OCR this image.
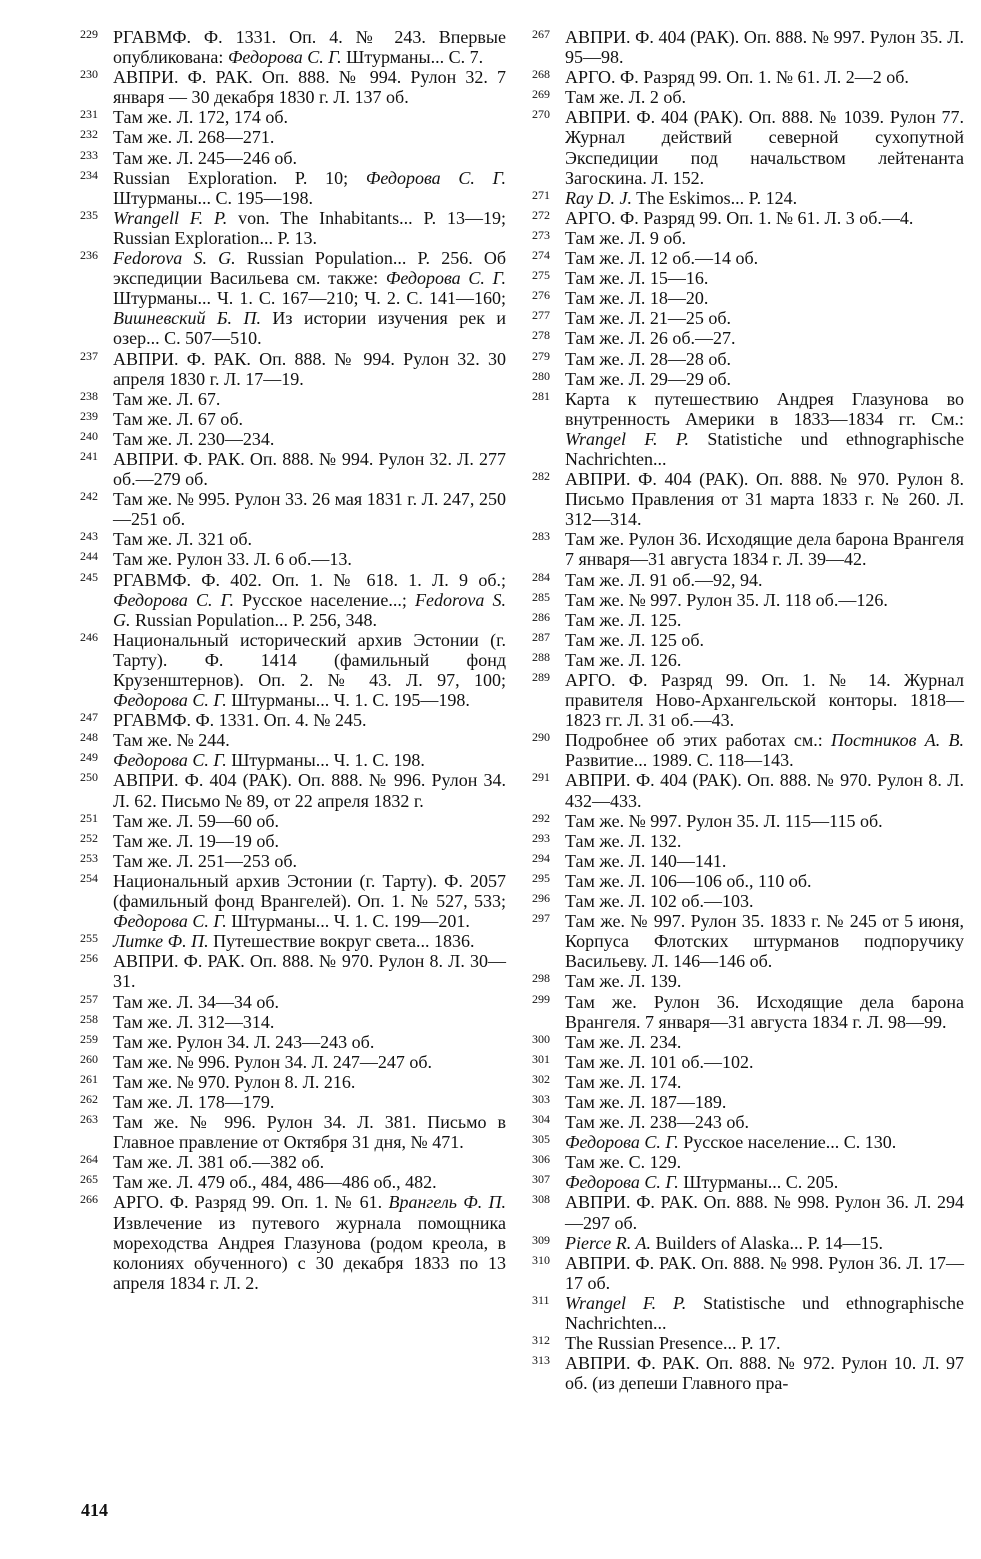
229 РГАВМФ. Ф. 1331. Оп. 4. № 243. Впервые опубликована: Федорова С. Г. Штурманы... С. 7.
230 АВПРИ. Ф. РАК. Оп. 888. № 994. Рулон 32. 7 января — 30 декабря 1830 г. Л. 137 об.
231 Там же. Л. 172, 174 об.
232 Там же. Л. 268—271.
233 Там же. Л. 245—246 об.
234 Russian Exploration. P. 10; Федорова С. Г. Штурманы... С. 195—198.
235 Wrangell F. P. von. The Inhabitants... P. 13—19; Russian Exploration... P. 13.
236 Fedorova S. G. Russian Population... P. 256. Об экспедиции Васильева см. также: Федорова С. Г. Штурманы... Ч. 1. С. 167—210; Ч. 2. С. 141—160; Вишневский Б. П. Из истории изучения рек и озер... С. 507—510.
237 АВПРИ. Ф. РАК. Оп. 888. № 994. Рулон 32. 30 апреля 1830 г. Л. 17—19.
238 Там же. Л. 67.
239 Там же. Л. 67 об.
240 Там же. Л. 230—234.
241 АВПРИ. Ф. РАК. Оп. 888. № 994. Рулон 32. Л. 277 об.—279 об.
242 Там же. № 995. Рулон 33. 26 мая 1831 г. Л. 247, 250—251 об.
243 Там же. Л. 321 об.
244 Там же. Рулон 33. Л. 6 об.—13.
245 РГАВМФ. Ф. 402. Оп. 1. № 618. 1. Л. 9 об.; Федорова С. Г. Русское население...; Fedorova S. G. Russian Population... P. 256, 348.
246 Национальный исторический архив Эстонии (г. Тарту). Ф. 1414 (фамильный фонд Крузенштернов). Оп. 2. № 43. Л. 97, 100; Федорова С. Г. Штурманы... Ч. 1. С. 195—198.
247 РГАВМФ. Ф. 1331. Оп. 4. № 245.
248 Там же. № 244.
249 Федорова С. Г. Штурманы... Ч. 1. С. 198.
250 АВПРИ. Ф. 404 (РАК). Оп. 888. № 996. Рулон 34. Л. 62. Письмо № 89, от 22 апреля 1832 г.
251 Там же. Л. 59—60 об.
252 Там же. Л. 19—19 об.
253 Там же. Л. 251—253 об.
254 Национальный архив Эстонии (г. Тарту). Ф. 2057 (фамильный фонд Врангелей). Оп. 1. № 527, 533; Федорова С. Г. Штурманы... Ч. 1. С. 199—201.
255 Литке Ф. П. Путешествие вокруг света... 1836.
256 АВПРИ. Ф. РАК. Оп. 888. № 970. Рулон 8. Л. 30—31.
257 Там же. Л. 34—34 об.
258 Там же. Л. 312—314.
259 Там же. Рулон 34. Л. 243—243 об.
260 Там же. № 996. Рулон 34. Л. 247—247 об.
261 Там же. № 970. Рулон 8. Л. 216.
262 Там же. Л. 178—179.
263 Там же. № 996. Рулон 34. Л. 381. Письмо в Главное правление от Октября 31 дня, № 471.
264 Там же. Л. 381 об.—382 об.
265 Там же. Л. 479 об., 484, 486—486 об., 482.
266 АРГО. Ф. Разряд 99. Оп. 1. № 61. Врангель Ф. П. Извлечение из путевого журнала помощника мореходства Андрея Глазунова (родом креола, в колониях обученного) с 30 декабря 1833 по 13 апреля 1834 г. Л. 2.
267 АВПРИ. Ф. 404 (РАК). Оп. 888. № 997. Рулон 35. Л. 95—98.
268 АРГО. Ф. Разряд 99. Оп. 1. № 61. Л. 2—2 об.
269 Там же. Л. 2 об.
270 АВПРИ. Ф. 404 (РАК). Оп. 888. № 1039. Рулон 77. Журнал действий северной сухопутной Экспедиции под начальством лейтенанта Загоскина. Л. 152.
271 Ray D. J. The Eskimos... P. 124.
272 АРГО. Ф. Разряд 99. Оп. 1. № 61. Л. 3 об.—4.
273 Там же. Л. 9 об.
274 Там же. Л. 12 об.—14 об.
275 Там же. Л. 15—16.
276 Там же. Л. 18—20.
277 Там же. Л. 21—25 об.
278 Там же. Л. 26 об.—27.
279 Там же. Л. 28—28 об.
280 Там же. Л. 29—29 об.
281 Карта к путешествию Андрея Глазунова во внутренность Америки в 1833—1834 гг. См.: Wrangel F. P. Statistiche und ethnographische Nachrichten...
282 АВПРИ. Ф. 404 (РАК). Оп. 888. № 970. Рулон 8. Письмо Правления от 31 марта 1833 г. № 260. Л. 312—314.
283 Там же. Рулон 36. Исходящие дела барона Врангеля 7 января—31 августа 1834 г. Л. 39—42.
284 Там же. Л. 91 об.—92, 94.
285 Там же. № 997. Рулон 35. Л. 118 об.—126.
286 Там же. Л. 125.
287 Там же. Л. 125 об.
288 Там же. Л. 126.
289 АРГО. Ф. Разряд 99. Оп. 1. № 14. Журнал правителя Ново-Архангельской конторы. 1818—1823 гг. Л. 31 об.—43.
290 Подробнее об этих работах см.: Постников А. В. Развитие... 1989. С. 118—143.
291 АВПРИ. Ф. 404 (РАК). Оп. 888. № 970. Рулон 8. Л. 432—433.
292 Там же. № 997. Рулон 35. Л. 115—115 об.
293 Там же. Л. 132.
294 Там же. Л. 140—141.
295 Там же. Л. 106—106 об., 110 об.
296 Там же. Л. 102 об.—103.
297 Там же. № 997. Рулон 35. 1833 г. № 245 от 5 июня, Корпуса Флотских штурманов подпоручику Васильеву. Л. 146—146 об.
298 Там же. Л. 139.
299 Там же. Рулон 36. Исходящие дела барона Врангеля. 7 января—31 августа 1834 г. Л. 98—99.
300 Там же. Л. 234.
301 Там же. Л. 101 об.—102.
302 Там же. Л. 174.
303 Там же. Л. 187—189.
304 Там же. Л. 238—243 об.
305 Федорова С. Г. Русское население... С. 130.
306 Там же. С. 129.
307 Федорова С. Г. Штурманы... С. 205.
308 АВПРИ. Ф. РАК. Оп. 888. № 998. Рулон 36. Л. 294—297 об.
309 Pierce R. A. Builders of Alaska... P. 14—15.
310 АВПРИ. Ф. РАК. Оп. 888. № 998. Рулон 36. Л. 17—17 об.
311 Wrangel F. P. Statistische und ethnographische Nachrichten...
312 The Russian Presence... P. 17.
313 АВПРИ. Ф. РАК. Оп. 888. № 972. Рулон 10. Л. 97 об. (из депеши Главного пра-
414
